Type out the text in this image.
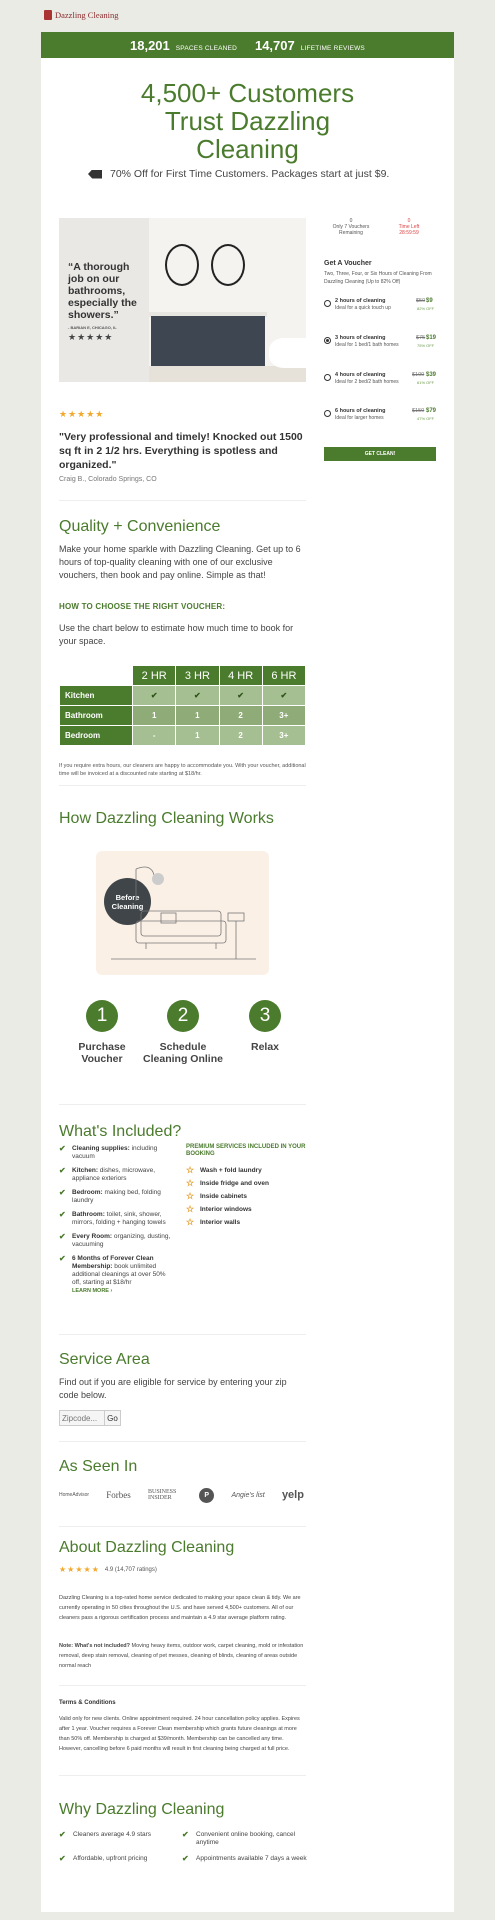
Dazzling Cleaning
18,201 SPACES CLEANED 14,707 LIFETIME REVIEWS
4,500+ Customers
Trust Dazzling
Cleaning
70% Off for First Time Customers. Packages start at just $9.
“A thorough job on our bathrooms, especially the showers.”
- BARIAN E, CHICAGO, IL
★★★★★
0
Only 7 Vouchers Remaining
0
Time Left
28:59:59
Get A Voucher
Two, Three, Four, or Six Hours of Cleaning From Dazzling Cleaning (Up to 82% Off)
2 hours of cleaning
Ideal for a quick touch up
$50 $9
82% OFF
3 hours of cleaning
Ideal for 1 bed/1 bath homes
$75 $19
75% OFF
4 hours of cleaning
Ideal for 2 bed/2 bath homes
$100 $39
61% OFF
6 hours of cleaning
Ideal for larger homes
$150 $79
47% OFF
GET CLEAN!
★★★★★
"Very professional and timely! Knocked out 1500 sq ft in 2 1/2 hrs. Everything is spotless and organized."
Craig B., Colorado Springs, CO
Quality + Convenience
Make your home sparkle with Dazzling Cleaning. Get up to 6 hours of top-quality cleaning with one of our exclusive vouchers, then book and pay online. Simple as that!
HOW TO CHOOSE THE RIGHT VOUCHER:
Use the chart below to estimate how much time to book for your space.
	2 HR	3 HR	4 HR	6 HR
Kitchen	✔	✔	✔	✔
Bathroom	1	1	2	3+
Bedroom	-	1	2	3+
If you require extra hours, our cleaners are happy to accommodate you. With your voucher, additional time will be invoiced at a discounted rate starting at $18/hr.
How Dazzling Cleaning Works
Before Cleaning
1
Purchase Voucher
2
Schedule Cleaning Online
3
Relax
What's Included?
✔ Cleaning supplies: including vacuum
✔ Kitchen: dishes, microwave, appliance exteriors
✔ Bedroom: making bed, folding laundry
✔ Bathroom: toilet, sink, shower, mirrors, folding + hanging towels
✔ Every Room: organizing, dusting, vacuuming
✔ 6 Months of Forever Clean Membership: book unlimited additional cleanings at over 50% off, starting at $18/hr
LEARN MORE ›
PREMIUM SERVICES INCLUDED IN YOUR BOOKING
☆ Wash + fold laundry
☆ Inside fridge and oven
☆ Inside cabinets
☆ Interior windows
☆ Interior walls
Service Area
Find out if you are eligible for service by entering your zip code below.
Zipcode...
Go
As Seen In
HomeAdvisor Forbes	BUSINESS INSIDER	P	Angie's list yelp
About Dazzling Cleaning
★★★★★ 4.9 (14,707 ratings)
Dazzling Cleaning is a top-rated home service dedicated to making your space clean & tidy. We are currently operating in 50 cities throughout the U.S. and have served 4,500+ customers. All of our cleaners pass a rigorous certification process and maintain a 4.9 star average platform rating.
Note: What's not included? Moving heavy items, outdoor work, carpet cleaning, mold or infestation removal, deep stain removal, cleaning of pet messes, cleaning of blinds, cleaning of areas outside normal reach
Terms & Conditions
Valid only for new clients. Online appointment required. 24 hour cancellation policy applies. Expires after 1 year. Voucher requires a Forever Clean membership which grants future cleanings at more than 50% off. Membership is charged at $39/month. Membership can be cancelled any time. However, cancelling before 6 paid months will result in first cleaning being charged at full price.
Why Dazzling Cleaning
✔ Cleaners average 4.9 stars	✔ Convenient online booking, cancel anytime
✔ Affordable, upfront pricing	✔ Appointments available 7 days a week
